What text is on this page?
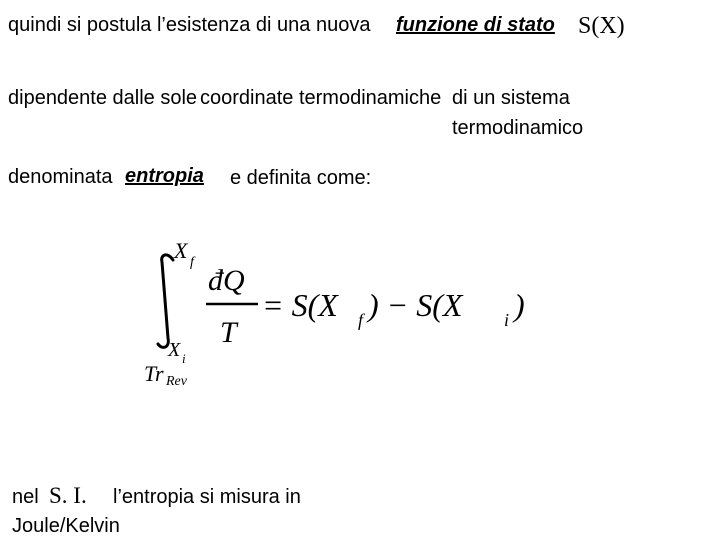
quindi si postula l’esistenza di una nuova funzione di stato S(X)
dipendente dalle sole coordinate termodinamiche di un sistema
termodinamico
denominata entropia e definita come:
X f
X i
Tr Rev
đQ
T
= S(X f ) − S(X i )
nel S. I. l’entropia si misura in
Joule/Kelvin
